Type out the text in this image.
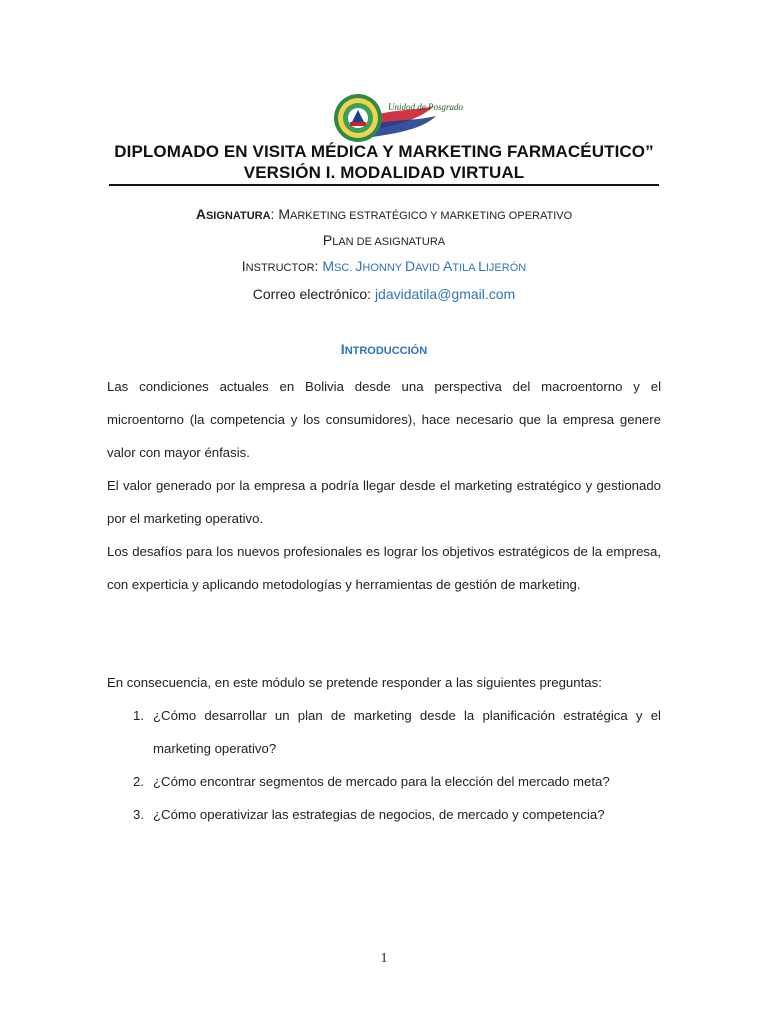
Unidad de Posgrado
DIPLOMADO EN VISITA MÉDICA Y MARKETING FARMACÉUTICO”
VERSIÓN I. MODALIDAD VIRTUAL
ASIGNATURA: MARKETING ESTRATÉGICO Y MARKETING OPERATIVO
PLAN DE ASIGNATURA
INSTRUCTOR: MSC. JHONNY DAVID ATILA LIJERÓN
Correo electrónico: jdavidatila@gmail.com
INTRODUCCIÓN

Las condiciones actuales en Bolivia desde una perspectiva del macroentorno y el microentorno (la competencia y los consumidores), hace necesario que la empresa genere valor con mayor énfasis.

El valor generado por la empresa a podría llegar desde el marketing estratégico y gestionado por el marketing operativo.

Los desafíos para los nuevos profesionales es lograr los objetivos estratégicos de la empresa, con experticia y aplicando metodologías y herramientas de gestión de marketing.

En consecuencia, en este módulo se pretende responder a las siguientes preguntas:

1. ¿Cómo desarrollar un plan de marketing desde la planificación estratégica y el marketing operativo?
2. ¿Cómo encontrar segmentos de mercado para la elección del mercado meta?
3. ¿Cómo operativizar las estrategias de negocios, de mercado y competencia?
1
